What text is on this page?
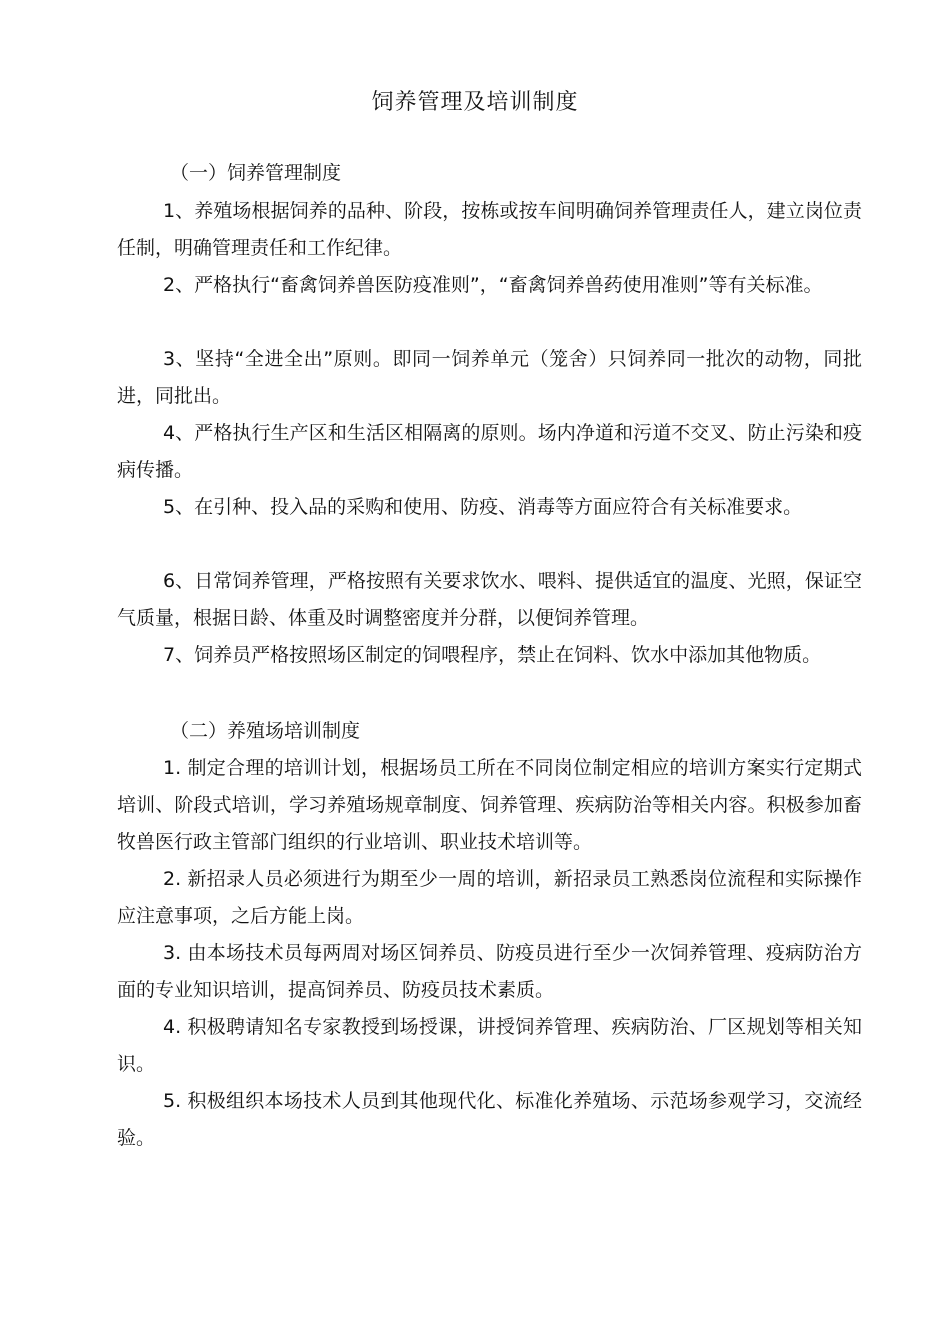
饲养管理及培训制度
（一）饲养管理制度

1、养殖场根据饲养的品种、阶段，按栋或按车间明确饲养管理责任人，建立岗位责任制，明确管理责任和工作纪律。

2、严格执行“畜禽饲养兽医防疫准则”，“畜禽饲养兽药使用准则”等有关标准。

3、坚持“全进全出”原则。即同一饲养单元（笼舍）只饲养同一批次的动物，同批进，同批出。

4、严格执行生产区和生活区相隔离的原则。场内净道和污道不交叉、防止污染和疫病传播。

5、在引种、投入品的采购和使用、防疫、消毒等方面应符合有关标准要求。

6、日常饲养管理，严格按照有关要求饮水、喂料、提供适宜的温度、光照，保证空气质量，根据日龄、体重及时调整密度并分群，以便饲养管理。

7、饲养员严格按照场区制定的饲喂程序，禁止在饲料、饮水中添加其他物质。

（二）养殖场培训制度

1. 制定合理的培训计划，根据场员工所在不同岗位制定相应的培训方案实行定期式培训、阶段式培训，学习养殖场规章制度、饲养管理、疾病防治等相关内容。积极参加畜牧兽医行政主管部门组织的行业培训、职业技术培训等。

2. 新招录人员必须进行为期至少一周的培训，新招录员工熟悉岗位流程和实际操作应注意事项，之后方能上岗。

3. 由本场技术员每两周对场区饲养员、防疫员进行至少一次饲养管理、疫病防治方面的专业知识培训，提高饲养员、防疫员技术素质。

4. 积极聘请知名专家教授到场授课，讲授饲养管理、疾病防治、厂区规划等相关知识。

5. 积极组织本场技术人员到其他现代化、标准化养殖场、示范场参观学习，交流经验。
